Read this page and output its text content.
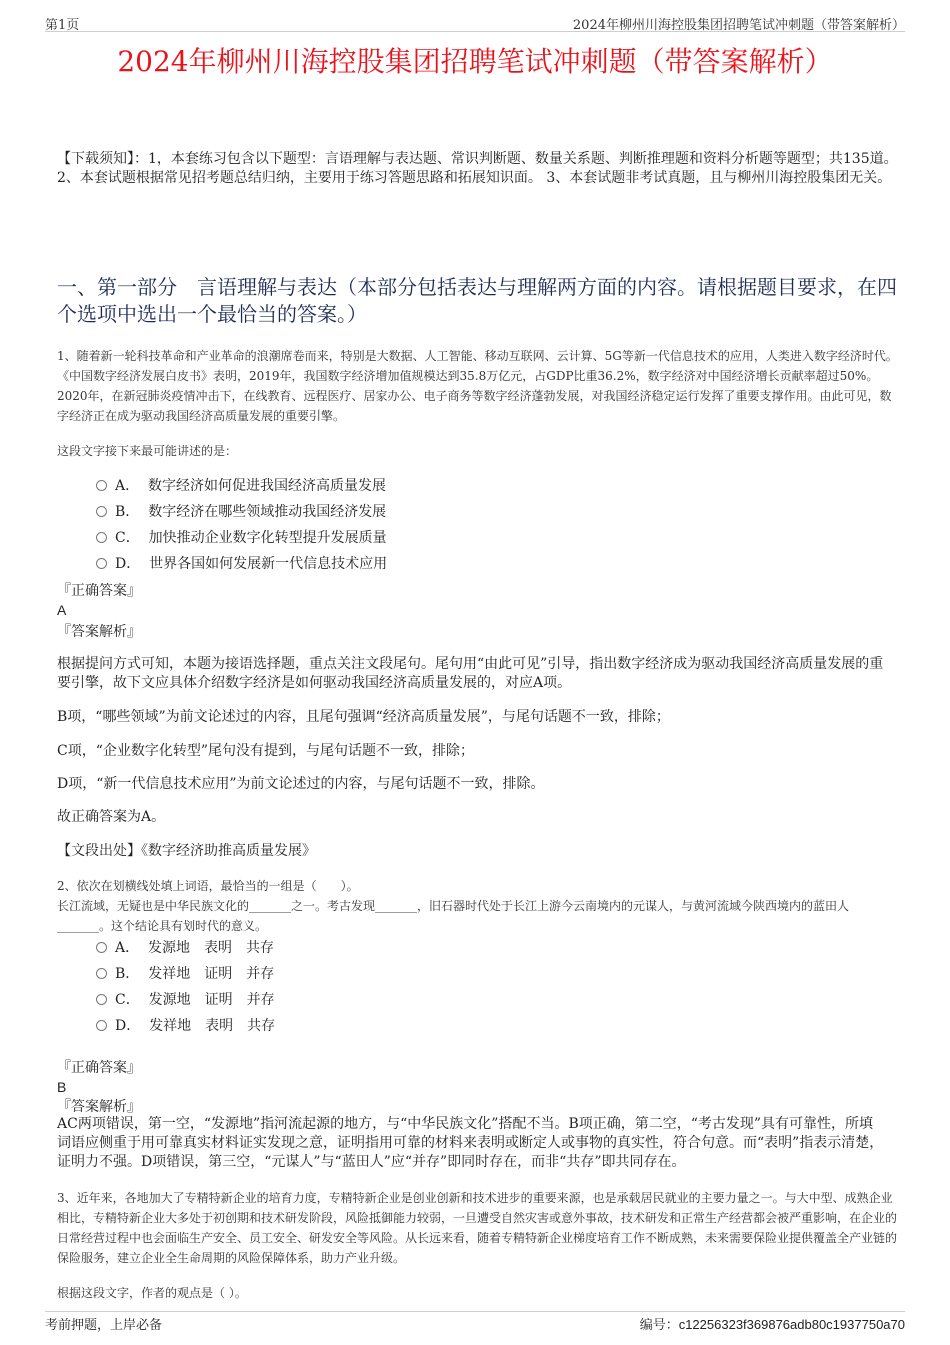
第1页	2024年柳州川海控股集团招聘笔试冲刺题（带答案解析）
2024年柳州川海控股集团招聘笔试冲刺题（带答案解析）
【下载须知】：1，本套练习包含以下题型：言语理解与表达题、常识判断题、数量关系题、判断推理题和资料分析题等题型；共135道。 2、本套试题根据常见招考题总结归纳，主要用于练习答题思路和拓展知识面。 3、本套试题非考试真题，且与柳州川海控股集团无关。
一、第一部分　言语理解与表达（本部分包括表达与理解两方面的内容。请根据题目要求，在四个选项中选出一个最恰当的答案。）
1、随着新一轮科技革命和产业革命的浪潮席卷而来，特别是大数据、人工智能、移动互联网、云计算、5G等新一代信息技术的应用，人类进入数字经济时代。《中国数字经济发展白皮书》表明，2019年，我国数字经济增加值规模达到35.8万亿元，占GDP比重36.2%，数字经济对中国经济增长贡献率超过50%。2020年，在新冠肺炎疫情冲击下，在线教育、远程医疗、居家办公、电子商务等数字经济蓬勃发展，对我国经济稳定运行发挥了重要支撑作用。由此可见，数字经济正在成为驱动我国经济高质量发展的重要引擎。
这段文字接下来最可能讲述的是：
A．  数字经济如何促进我国经济高质量发展
B．  数字经济在哪些领域推动我国经济发展
C．  加快推动企业数字化转型提升发展质量
D．  世界各国如何发展新一代信息技术应用
『正确答案』
A
『答案解析』
根据提问方式可知，本题为接语选择题，重点关注文段尾句。尾句用“由此可见”引导，指出数字经济成为驱动我国经济高质量发展的重要引擎，故下文应具体介绍数字经济是如何驱动我国经济高质量发展的，对应A项。
B项，“哪些领域”为前文论述过的内容，且尾句强调“经济高质量发展”，与尾句话题不一致，排除；
C项，“企业数字化转型”尾句没有提到，与尾句话题不一致，排除；
D项，“新一代信息技术应用”为前文论述过的内容，与尾句话题不一致，排除。
故正确答案为A。
【文段出处】《数字经济助推高质量发展》
2、依次在划横线处填上词语，最恰当的一组是（　　）。
长江流域，无疑也是中华民族文化的_______之一。考古发现_______，旧石器时代处于长江上游今云南境内的元谋人，与黄河流域今陕西境内的蓝田人_______。这个结论具有划时代的意义。
A．  发源地　表明　共存
B．  发祥地　证明　并存
C．  发源地　证明　并存
D．  发祥地　表明　共存
『正确答案』
B
『答案解析』
AC两项错误，第一空，“发源地”指河流起源的地方，与“中华民族文化”搭配不当。B项正确，第二空，“考古发现”具有可靠性，所填词语应侧重于用可靠真实材料证实发现之意，证明指用可靠的材料来表明或断定人或事物的真实性，符合句意。而“表明”指表示清楚，证明力不强。D项错误，第三空，“元谋人”与“蓝田人”应“并存”即同时存在，而非“共存”即共同存在。
3、近年来，各地加大了专精特新企业的培育力度，专精特新企业是创业创新和技术进步的重要来源，也是承载居民就业的主要力量之一。与大中型、成熟企业相比，专精特新企业大多处于初创期和技术研发阶段，风险抵御能力较弱，一旦遭受自然灾害或意外事故，技术研发和正常生产经营都会被严重影响，在企业的日常经营过程中也会面临生产安全、员工安全、研发安全等风险。从长远来看，随着专精特新企业梯度培育工作不断成熟，未来需要保险业提供覆盖全产业链的保险服务，建立企业全生命周期的风险保障体系，助力产业升级。
根据这段文字，作者的观点是（ ）。
考前押题，上岸必备	编号：c12256323f369876adb80c1937750a70
